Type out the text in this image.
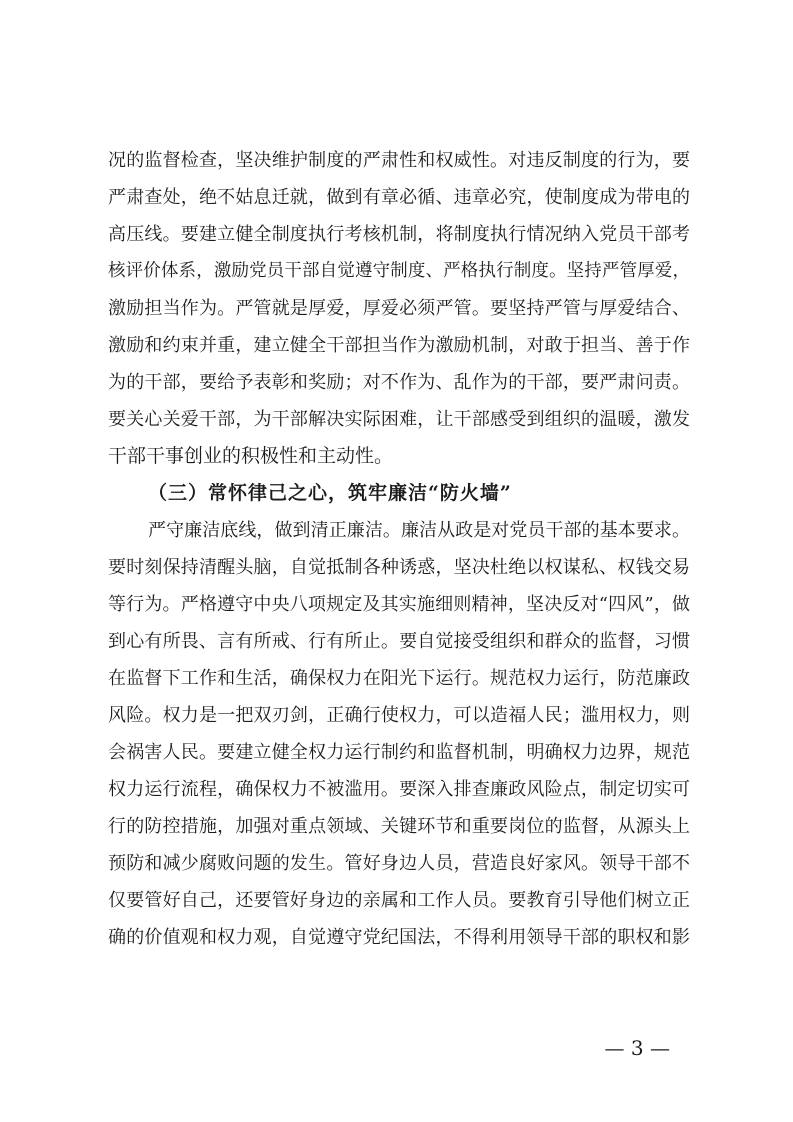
况的监督检查，坚决维护制度的严肃性和权威性。对违反制度的行为，要
严肃查处，绝不姑息迁就，做到有章必循、违章必究，使制度成为带电的
高压线。要建立健全制度执行考核机制，将制度执行情况纳入党员干部考
核评价体系，激励党员干部自觉遵守制度、严格执行制度。坚持严管厚爱，
激励担当作为。严管就是厚爱，厚爱必须严管。要坚持严管与厚爱结合、
激励和约束并重，建立健全干部担当作为激励机制，对敢于担当、善于作
为的干部，要给予表彰和奖励；对不作为、乱作为的干部，要严肃问责。
要关心关爱干部，为干部解决实际困难，让干部感受到组织的温暖，激发
干部干事创业的积极性和主动性。
（三）常怀律己之心，筑牢廉洁“防火墙”
严守廉洁底线，做到清正廉洁。廉洁从政是对党员干部的基本要求。
要时刻保持清醒头脑，自觉抵制各种诱惑，坚决杜绝以权谋私、权钱交易
等行为。严格遵守中央八项规定及其实施细则精神，坚决反对“四风”，做
到心有所畏、言有所戒、行有所止。要自觉接受组织和群众的监督，习惯
在监督下工作和生活，确保权力在阳光下运行。规范权力运行，防范廉政
风险。权力是一把双刃剑，正确行使权力，可以造福人民；滥用权力，则
会祸害人民。要建立健全权力运行制约和监督机制，明确权力边界，规范
权力运行流程，确保权力不被滥用。要深入排查廉政风险点，制定切实可
行的防控措施，加强对重点领域、关键环节和重要岗位的监督，从源头上
预防和减少腐败问题的发生。管好身边人员，营造良好家风。领导干部不
仅要管好自己，还要管好身边的亲属和工作人员。要教育引导他们树立正
确的价值观和权力观，自觉遵守党纪国法，不得利用领导干部的职权和影
— 3 —
